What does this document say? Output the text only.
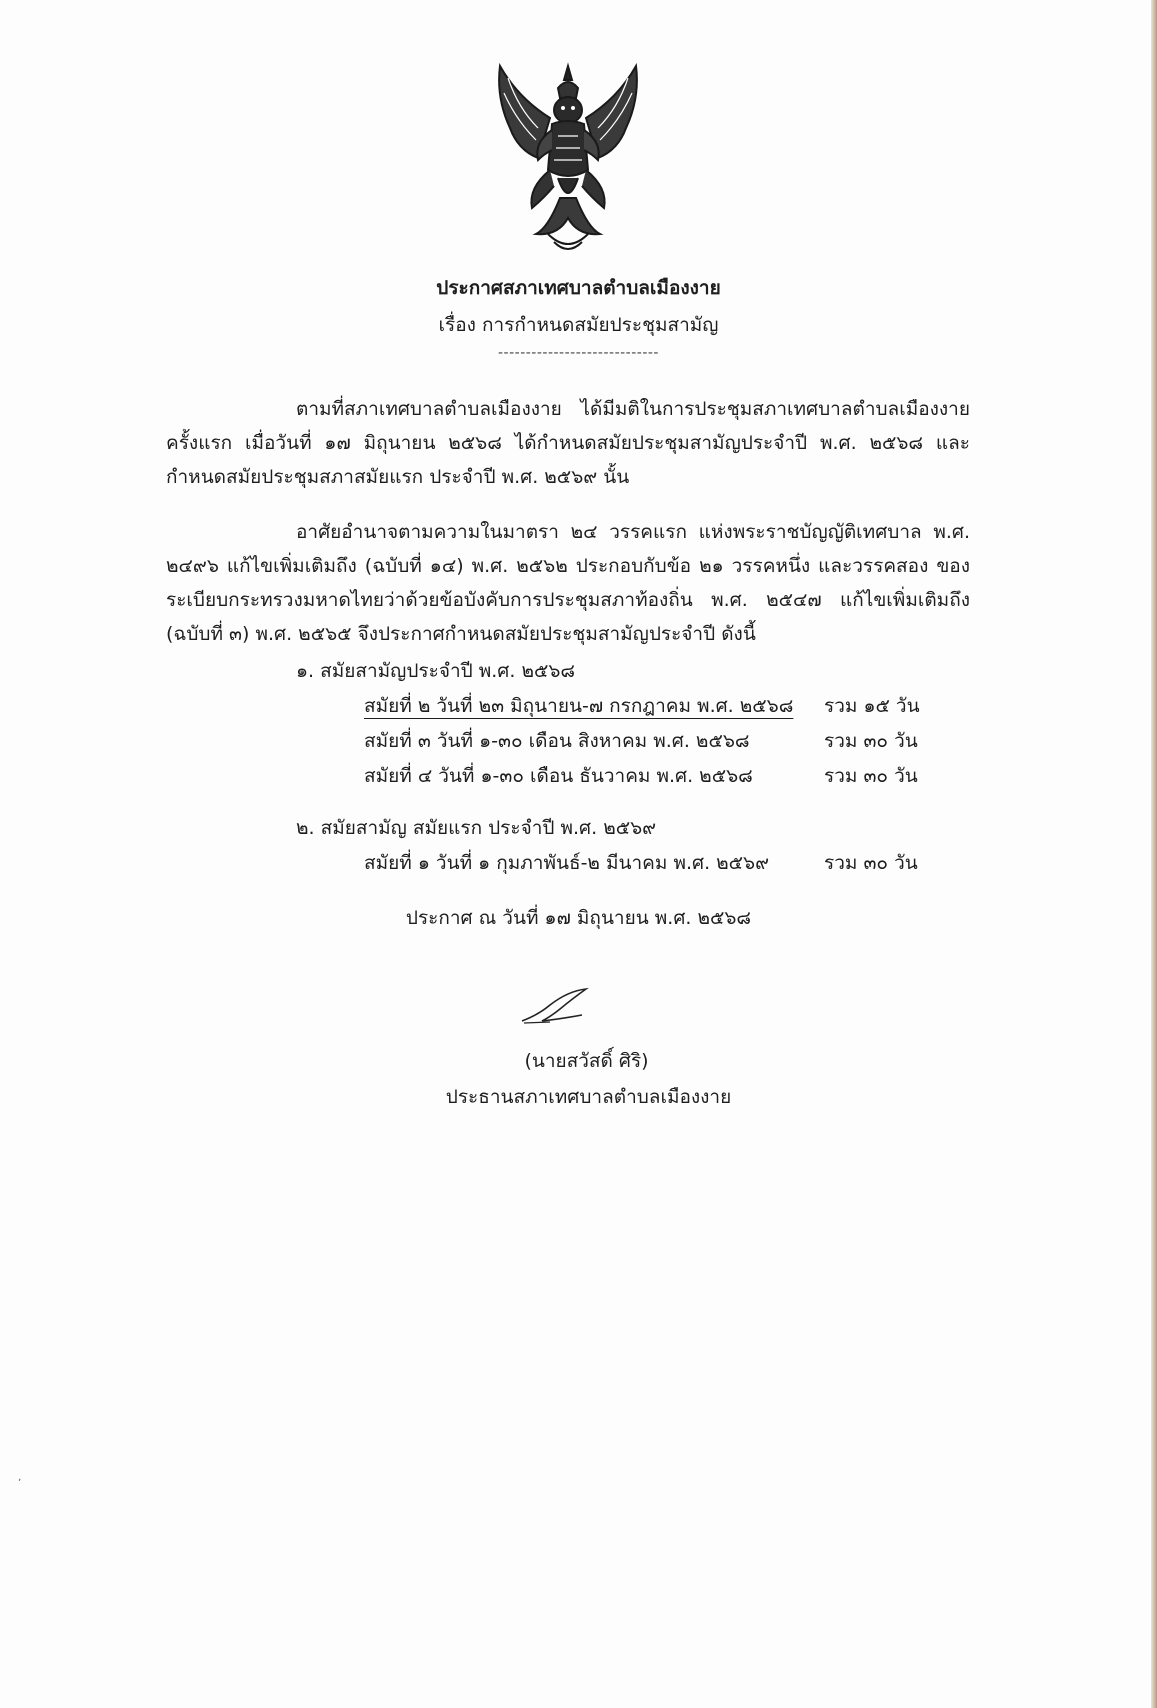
ประกาศสภาเทศบาลตำบลเมืองงาย
เรื่อง การกำหนดสมัยประชุมสามัญ
-----------------------------
ตามที่สภาเทศบาลตำบลเมืองงาย ได้มีมติในการประชุมสภาเทศบาลตำบลเมืองงาย ครั้งแรก เมื่อวันที่ ๑๗ มิถุนายน ๒๕๖๘ ได้กำหนดสมัยประชุมสามัญประจำปี พ.ศ. ๒๕๖๘ และกำหนดสมัยประชุมสภาสมัยแรก ประจำปี พ.ศ. ๒๕๖๙ นั้น
อาศัยอำนาจตามความในมาตรา ๒๔ วรรคแรก แห่งพระราชบัญญัติเทศบาล พ.ศ. ๒๔๙๖ แก้ไขเพิ่มเติมถึง (ฉบับที่ ๑๔) พ.ศ. ๒๕๖๒ ประกอบกับข้อ ๒๑ วรรคหนึ่ง และวรรคสอง ของระเบียบกระทรวงมหาดไทยว่าด้วยข้อบังคับการประชุมสภาท้องถิ่น พ.ศ. ๒๕๔๗ แก้ไขเพิ่มเติมถึง (ฉบับที่ ๓) พ.ศ. ๒๕๖๕ จึงประกาศกำหนดสมัยประชุมสามัญประจำปี ดังนี้
๑. สมัยสามัญประจำปี พ.ศ. ๒๕๖๘
สมัยที่ ๒ วันที่ ๒๓ มิถุนายน-๗ กรกฎาคม พ.ศ. ๒๕๖๘ รวม ๑๕ วัน
สมัยที่ ๓ วันที่ ๑-๓๐ เดือน สิงหาคม พ.ศ. ๒๕๖๘	รวม ๓๐ วัน
สมัยที่ ๔ วันที่ ๑-๓๐ เดือน ธันวาคม พ.ศ. ๒๕๖๘	รวม ๓๐ วัน
๒. สมัยสามัญ สมัยแรก ประจำปี พ.ศ. ๒๕๖๙
สมัยที่ ๑ วันที่ ๑ กุมภาพันธ์-๒ มีนาคม พ.ศ. ๒๕๖๙	รวม ๓๐ วัน
ประกาศ ณ วันที่ ๑๗ มิถุนายน พ.ศ. ๒๕๖๘
(นายสวัสดิ์ ศิริ)
ประธานสภาเทศบาลตำบลเมืองงาย
ʼ
